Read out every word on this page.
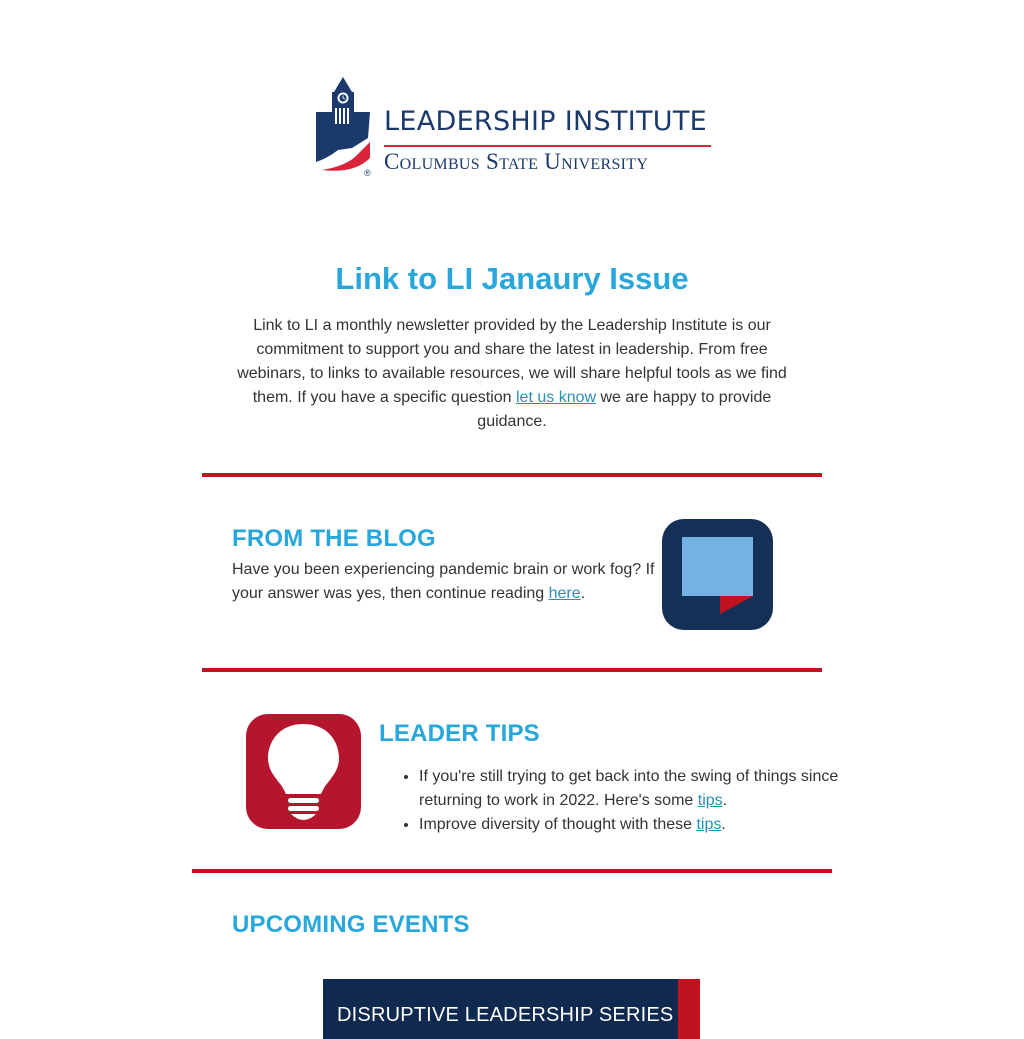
®
LEADERSHIP INSTITUTE
Columbus State University
Link to LI Janaury Issue

Link to LI a monthly newsletter provided by the Leadership Institute is our commitment to support you and share the latest in leadership. From free webinars, to links to available resources, we will share helpful tools as we find them. If you have a specific question let us know we are happy to provide guidance.

FROM THE BLOG

Have you been experiencing pandemic brain or work fog? If your answer was yes, then continue reading here.

LEADER TIPS
• If you're still trying to get back into the swing of things since returning to work in 2022. Here's some tips.
• Improve diversity of thought with these tips.
UPCOMING EVENTS
DISRUPTIVE LEADERSHIP SERIES
